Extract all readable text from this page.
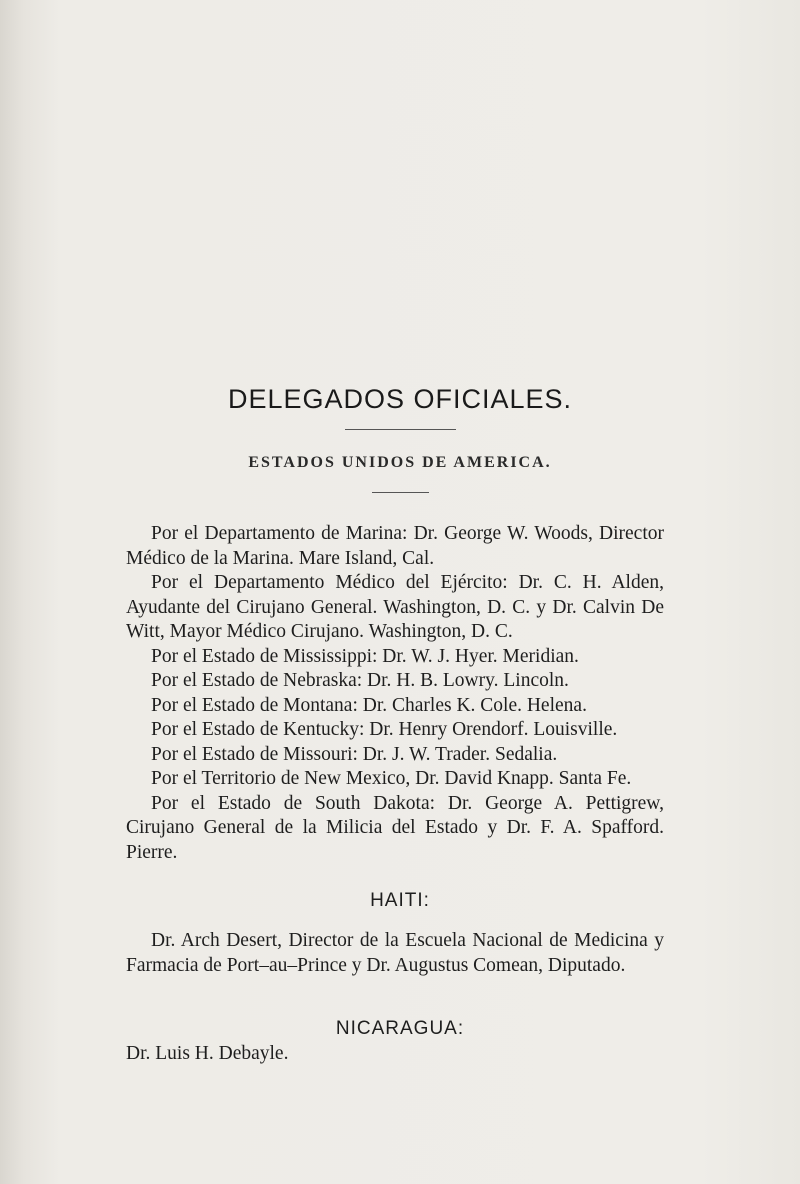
DELEGADOS OFICIALES.
ESTADOS UNIDOS DE AMERICA.

Por el Departamento de Marina: Dr. George W. Woods, Director Médico de la Marina. Mare Island, Cal.

Por el Departamento Médico del Ejército: Dr. C. H. Alden, Ayudante del Cirujano General. Washington, D. C. y Dr. Calvin De Witt, Mayor Médico Cirujano. Washington, D. C.

Por el Estado de Mississippi: Dr. W. J. Hyer. Meridian.

Por el Estado de Nebraska: Dr. H. B. Lowry. Lincoln.

Por el Estado de Montana: Dr. Charles K. Cole. Helena.

Por el Estado de Kentucky: Dr. Henry Orendorf. Louisville.

Por el Estado de Missouri: Dr. J. W. Trader. Sedalia.

Por el Territorio de New Mexico, Dr. David Knapp. Santa Fe.

Por el Estado de South Dakota: Dr. George A. Pettigrew, Cirujano General de la Milicia del Estado y Dr. F. A. Spafford. Pierre.

HAITI:

Dr. Arch Desert, Director de la Escuela Nacional de Medicina y Farmacia de Port–au–Prince y Dr. Augustus Comean, Diputado.

NICARAGUA:
Dr. Luis H. Debayle.
